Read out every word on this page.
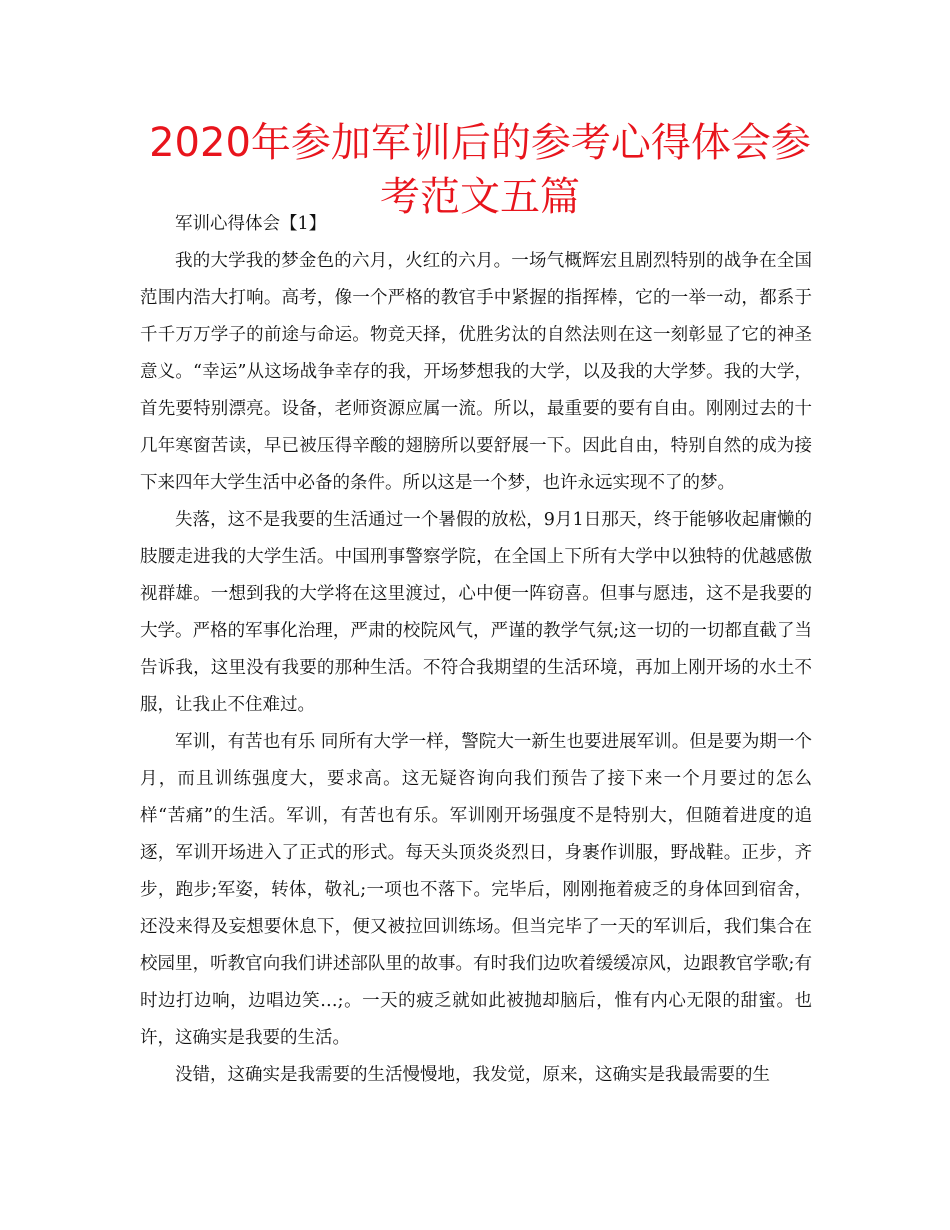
2020年参加军训后的参考心得体会参考范文五篇

军训心得体会【1】

我的大学我的梦金色的六月，火红的六月。一场气概辉宏且剧烈特别的战争在全国范围内浩大打响。高考，像一个严格的教官手中紧握的指挥棒，它的一举一动，都系于千千万万学子的前途与命运。物竞天择，优胜劣汰的自然法则在这一刻彰显了它的神圣意义。“幸运”从这场战争幸存的我，开场梦想我的大学，以及我的大学梦。我的大学，首先要特别漂亮。设备，老师资源应属一流。所以，最重要的要有自由。刚刚过去的十几年寒窗苦读，早已被压得辛酸的翅膀所以要舒展一下。因此自由，特别自然的成为接下来四年大学生活中必备的条件。所以这是一个梦，也许永远实现不了的梦。

失落，这不是我要的生活通过一个暑假的放松，9月1日那天，终于能够收起庸懒的肢腰走进我的大学生活。中国刑事警察学院，在全国上下所有大学中以独特的优越感傲视群雄。一想到我的大学将在这里渡过，心中便一阵窃喜。但事与愿违，这不是我要的大学。严格的军事化治理，严肃的校院风气，严谨的教学气氛;这一切的一切都直截了当告诉我，这里没有我要的那种生活。不符合我期望的生活环境，再加上刚开场的水土不服，让我止不住难过。

军训，有苦也有乐 同所有大学一样，警院大一新生也要进展军训。但是要为期一个月，而且训练强度大，要求高。这无疑咨询向我们预告了接下来一个月要过的怎么样“苦痛”的生活。军训，有苦也有乐。军训刚开场强度不是特别大，但随着进度的追逐，军训开场进入了正式的形式。每天头顶炎炎烈日，身裹作训服，野战鞋。正步，齐步，跑步;军姿，转体，敬礼;一项也不落下。完毕后，刚刚拖着疲乏的身体回到宿舍，还没来得及妄想要休息下，便又被拉回训练场。但当完毕了一天的军训后，我们集合在校园里，听教官向我们讲述部队里的故事。有时我们边吹着缓缓凉风，边跟教官学歌;有时边打边响，边唱边笑…;。一天的疲乏就如此被抛却脑后，惟有内心无限的甜蜜。也许，这确实是我要的生活。

没错，这确实是我需要的生活慢慢地，我发觉，原来，这确实是我最需要的生
